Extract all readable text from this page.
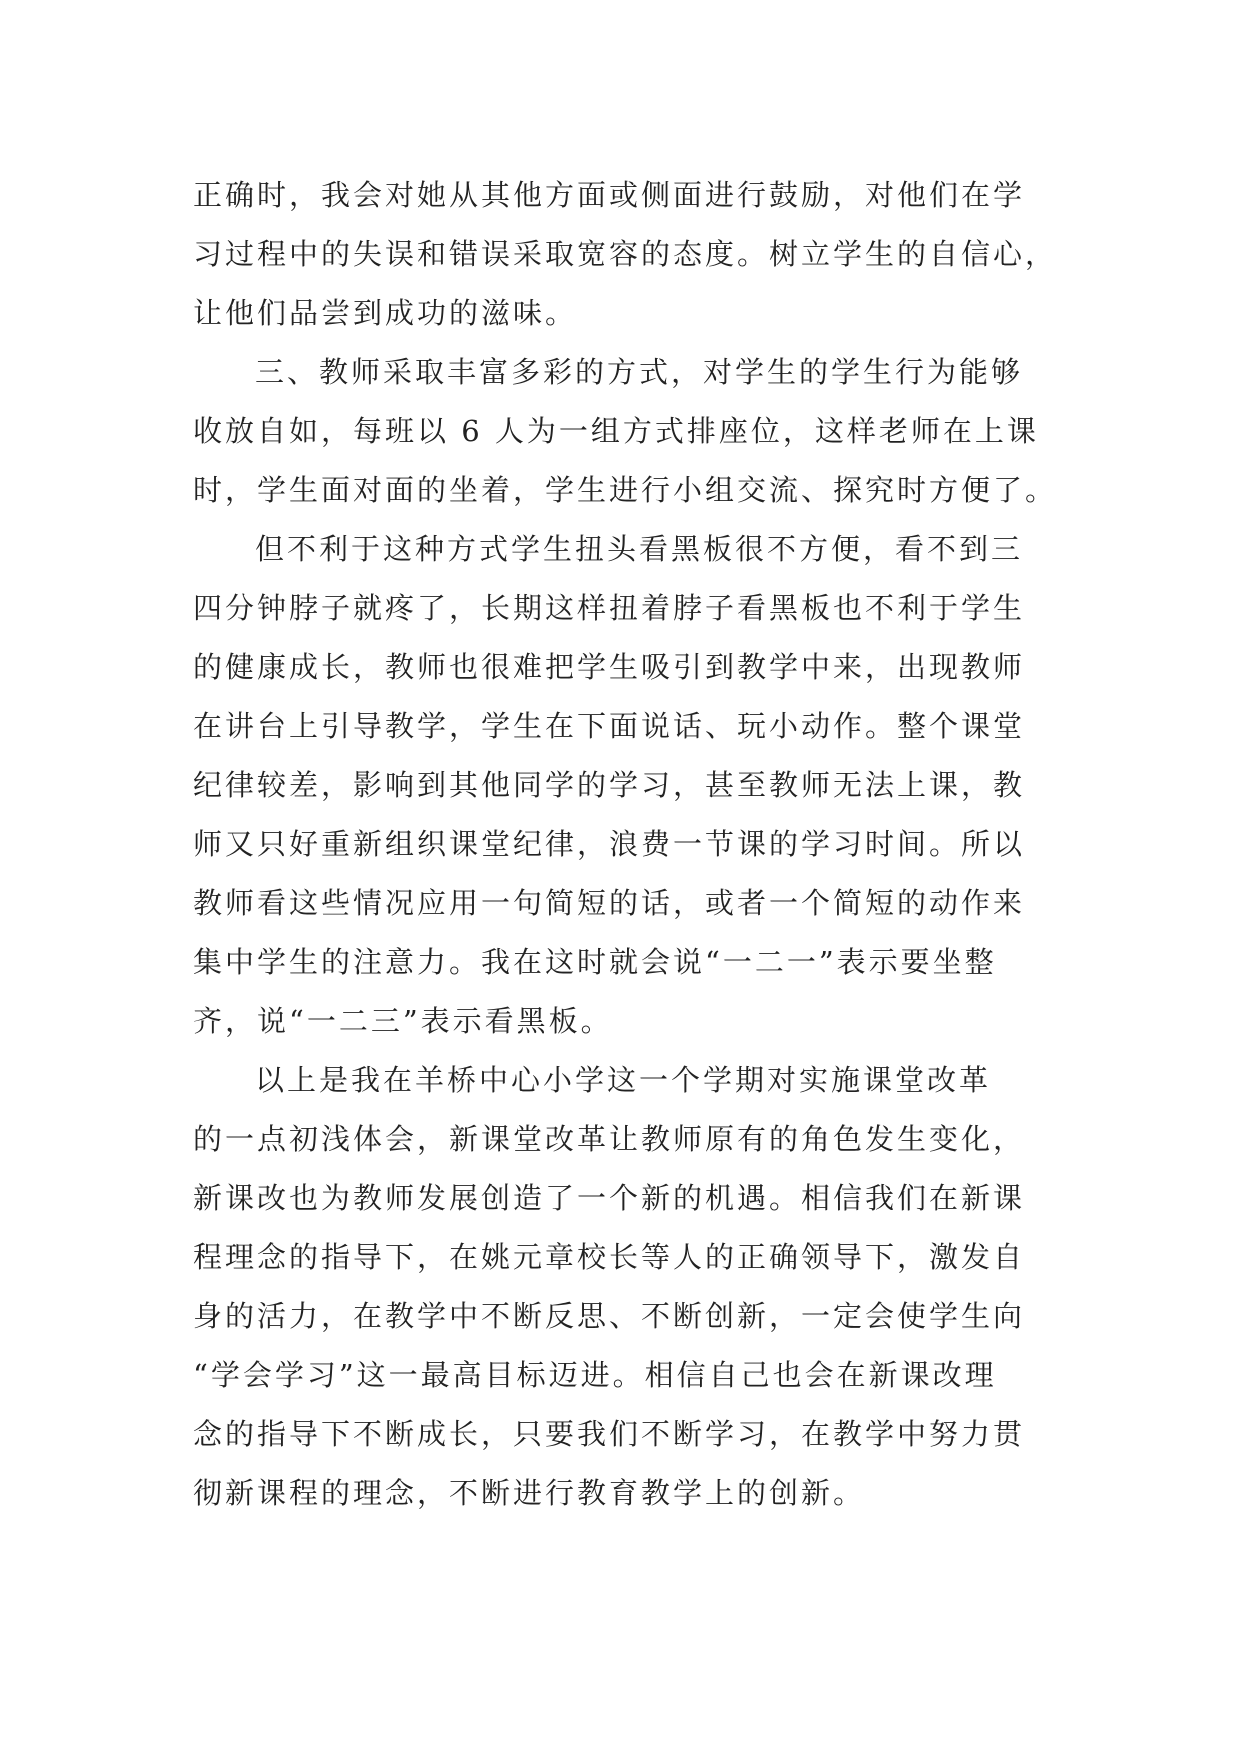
正确时，我会对她从其他方面或侧面进行鼓励，对他们在学
习过程中的失误和错误采取宽容的态度。树立学生的自信心，
让他们品尝到成功的滋味。
三、教师采取丰富多彩的方式，对学生的学生行为能够
收放自如，每班以 6 人为一组方式排座位，这样老师在上课
时，学生面对面的坐着，学生进行小组交流、探究时方便了。
但不利于这种方式学生扭头看黑板很不方便，看不到三
四分钟脖子就疼了，长期这样扭着脖子看黑板也不利于学生
的健康成长，教师也很难把学生吸引到教学中来，出现教师
在讲台上引导教学，学生在下面说话、玩小动作。整个课堂
纪律较差，影响到其他同学的学习，甚至教师无法上课，教
师又只好重新组织课堂纪律，浪费一节课的学习时间。所以
教师看这些情况应用一句简短的话，或者一个简短的动作来
集中学生的注意力。我在这时就会说“一二一”表示要坐整
齐，说“一二三”表示看黑板。
以上是我在羊桥中心小学这一个学期对实施课堂改革
的一点初浅体会，新课堂改革让教师原有的角色发生变化，
新课改也为教师发展创造了一个新的机遇。相信我们在新课
程理念的指导下，在姚元章校长等人的正确领导下，激发自
身的活力，在教学中不断反思、不断创新，一定会使学生向
“学会学习”这一最高目标迈进。相信自己也会在新课改理
念的指导下不断成长，只要我们不断学习，在教学中努力贯
彻新课程的理念，不断进行教育教学上的创新。
